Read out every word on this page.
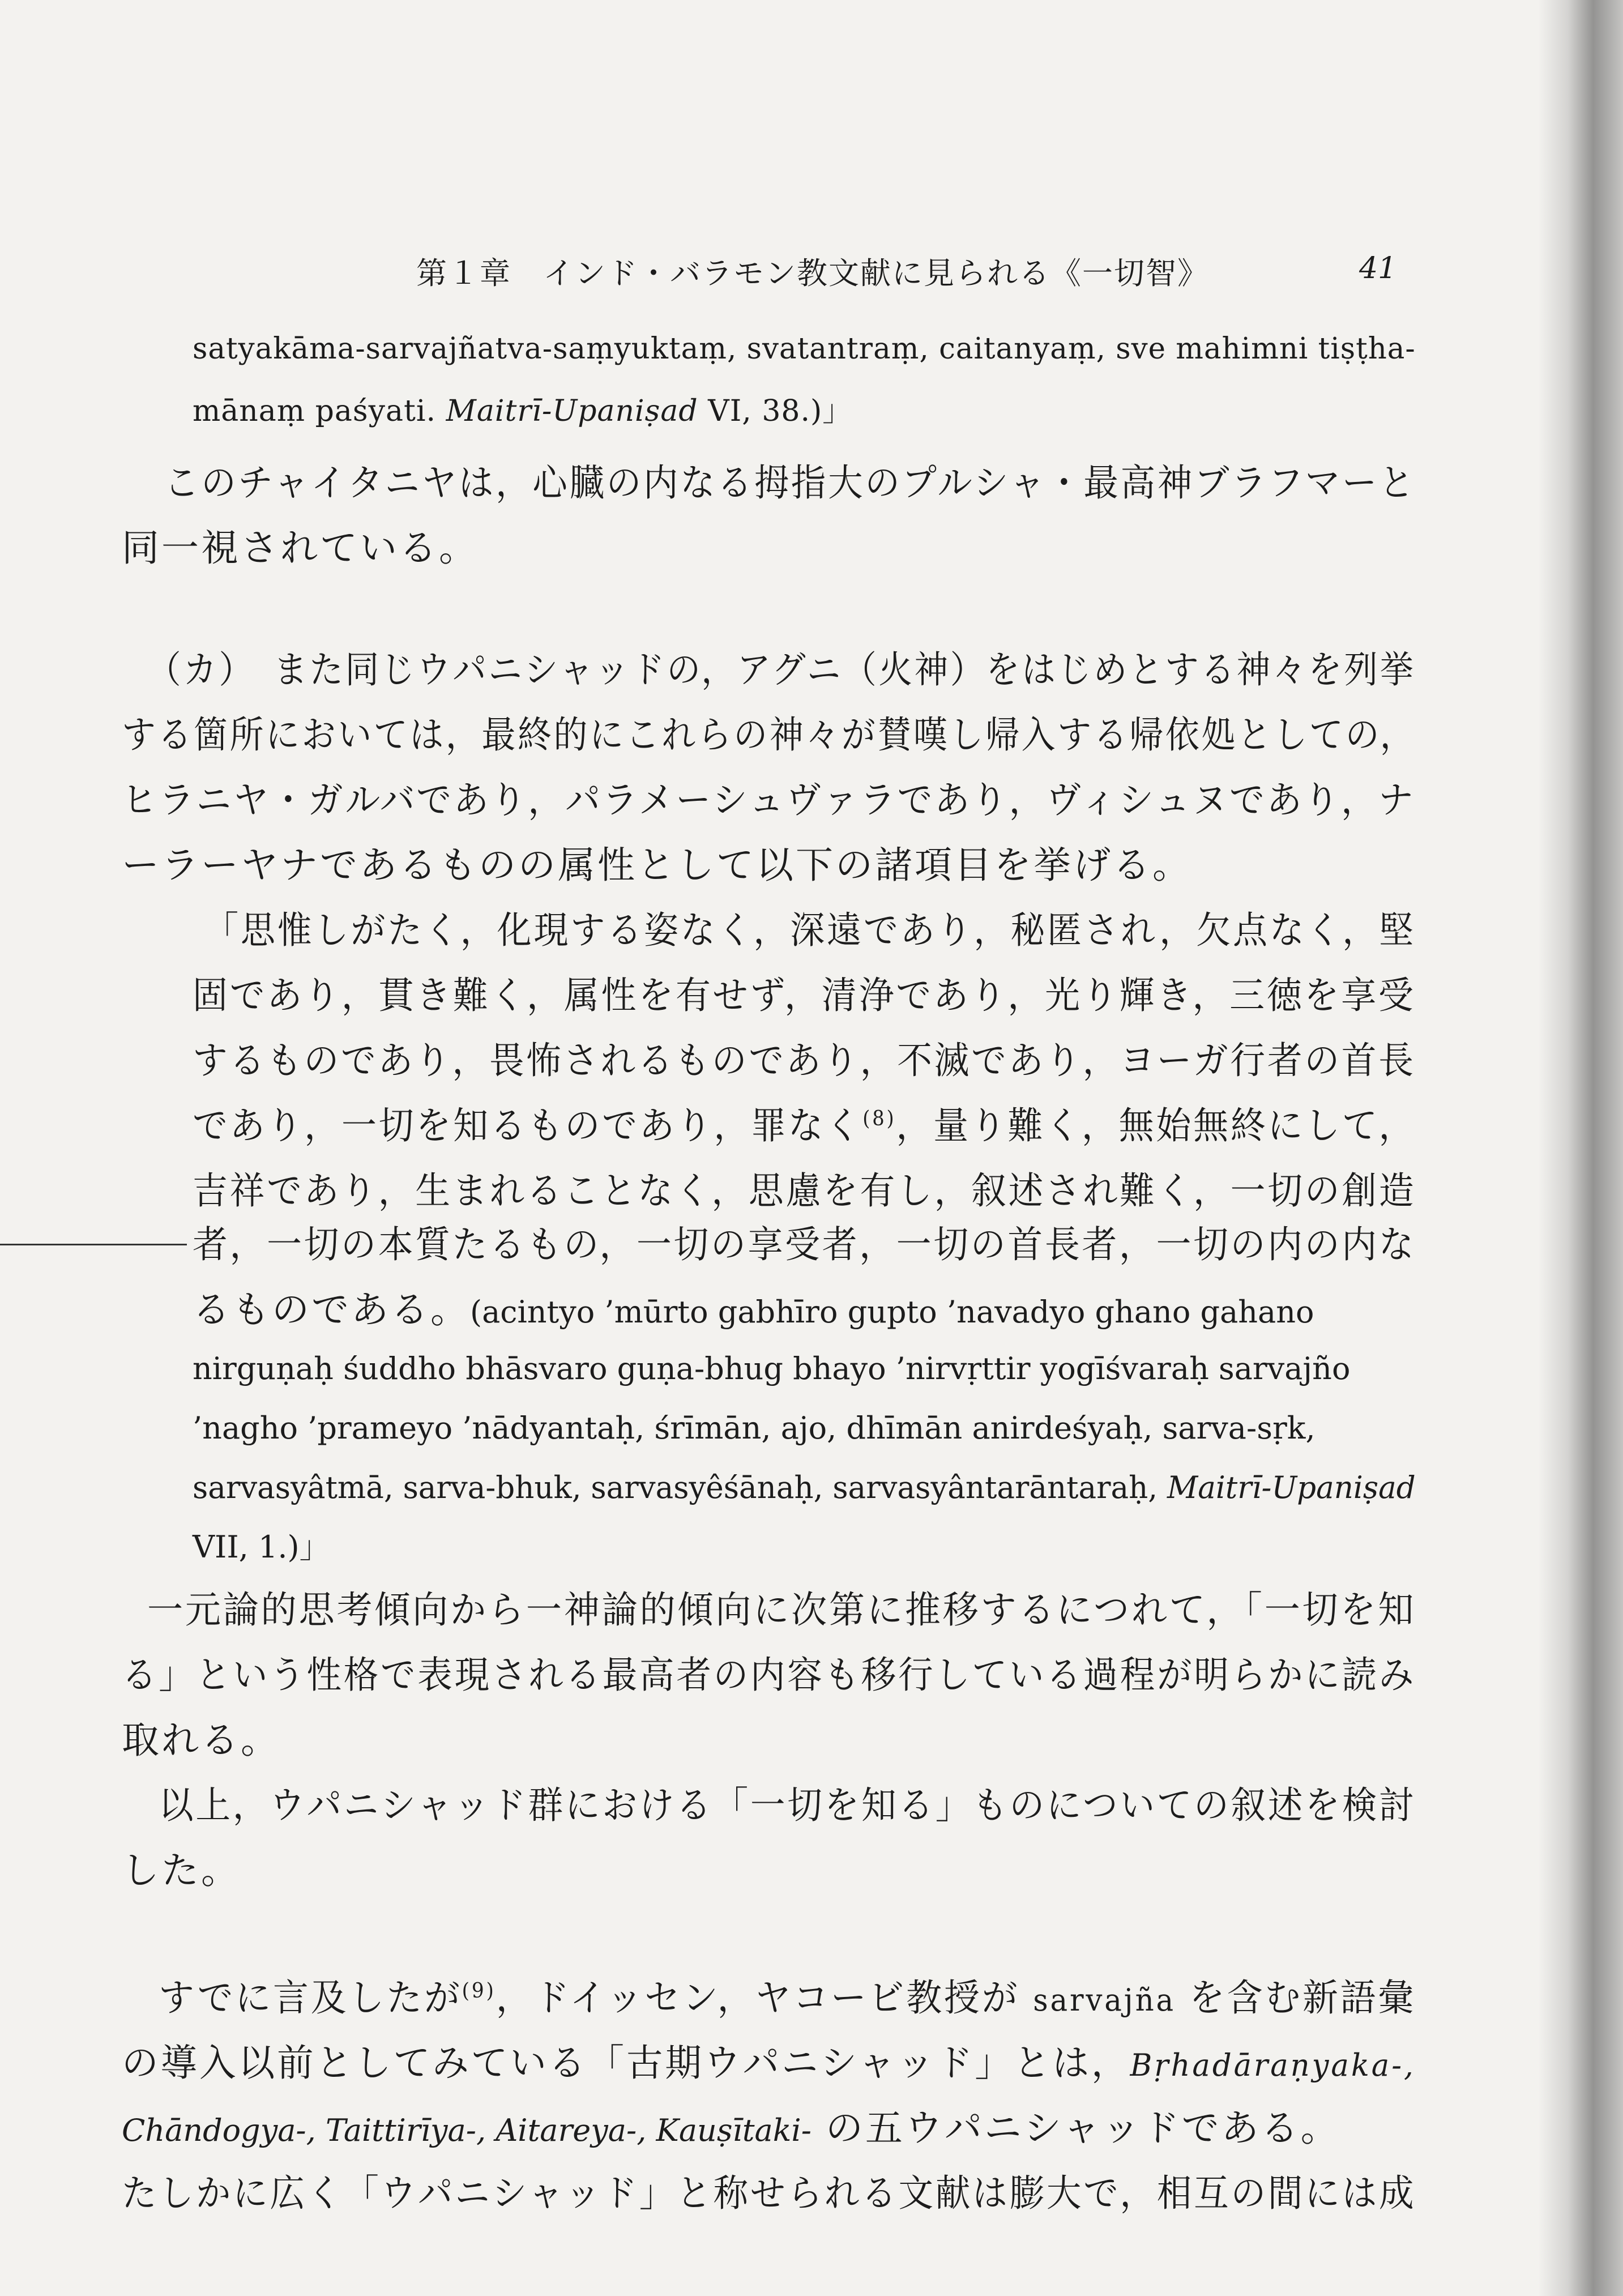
第１章　インド・バラモン教文献に見られる《一切智》	41
satyakāma-sarvajñatva-saṃyuktaṃ, svatantraṃ, caitanyaṃ, sve mahimni tiṣṭha-
mānaṃ paśyati. Maitrī-Upaniṣad VI, 38.)」
このチャイタニヤは，心臓の内なる拇指大のプルシャ・最高神ブラフマーと
同一視されている。
（カ）　また同じウパニシャッドの，アグニ（火神）をはじめとする神々を列挙
する箇所においては，最終的にこれらの神々が賛嘆し帰入する帰依処としての，
ヒラニヤ・ガルバであり，パラメーシュヴァラであり，ヴィシュヌであり，ナ
ーラーヤナであるものの属性として以下の諸項目を挙げる。
「思惟しがたく，化現する姿なく，深遠であり，秘匿され，欠点なく，堅
固であり，貫き難く，属性を有せず，清浄であり，光り輝き，三徳を享受
するものであり，畏怖されるものであり，不滅であり，ヨーガ行者の首長
であり，一切を知るものであり，罪なく$^{(8)}$，量り難く，無始無終にして，
吉祥であり，生まれることなく，思慮を有し，叙述され難く，一切の創造
者，一切の本質たるもの，一切の享受者，一切の首長者，一切の内の内な
るものである。(acintyo ’mūrto gabhīro gupto ’navadyo ghano gahano
nirguṇaḥ śuddho bhāsvaro guṇa-bhug bhayo ’nirvṛttir yogīśvaraḥ sarvajño
’nagho ’prameyo ’nādyantaḥ, śrīmān, ajo, dhīmān anirdeśyaḥ, sarva-sṛk,
sarvasyâtmā, sarva-bhuk, sarvasyêśānaḥ, sarvasyântarāntaraḥ, Maitrī-Upaniṣad
VII, 1.)」
一元論的思考傾向から一神論的傾向に次第に推移するにつれて，「一切を知
る」という性格で表現される最高者の内容も移行している過程が明らかに読み
取れる。
以上，ウパニシャッド群における「一切を知る」ものについての叙述を検討
した。
すでに言及したが$^{(9)}$，ドイッセン，ヤコービ教授が sarvajña を含む新語彙
の導入以前としてみている「古期ウパニシャッド」とは，Bṛhadāraṇyaka-,
Chāndogya-, Taittirīya-, Aitareya-, Kauṣītaki- の五ウパニシャッドである。
たしかに広く「ウパニシャッド」と称せられる文献は膨大で，相互の間には成
